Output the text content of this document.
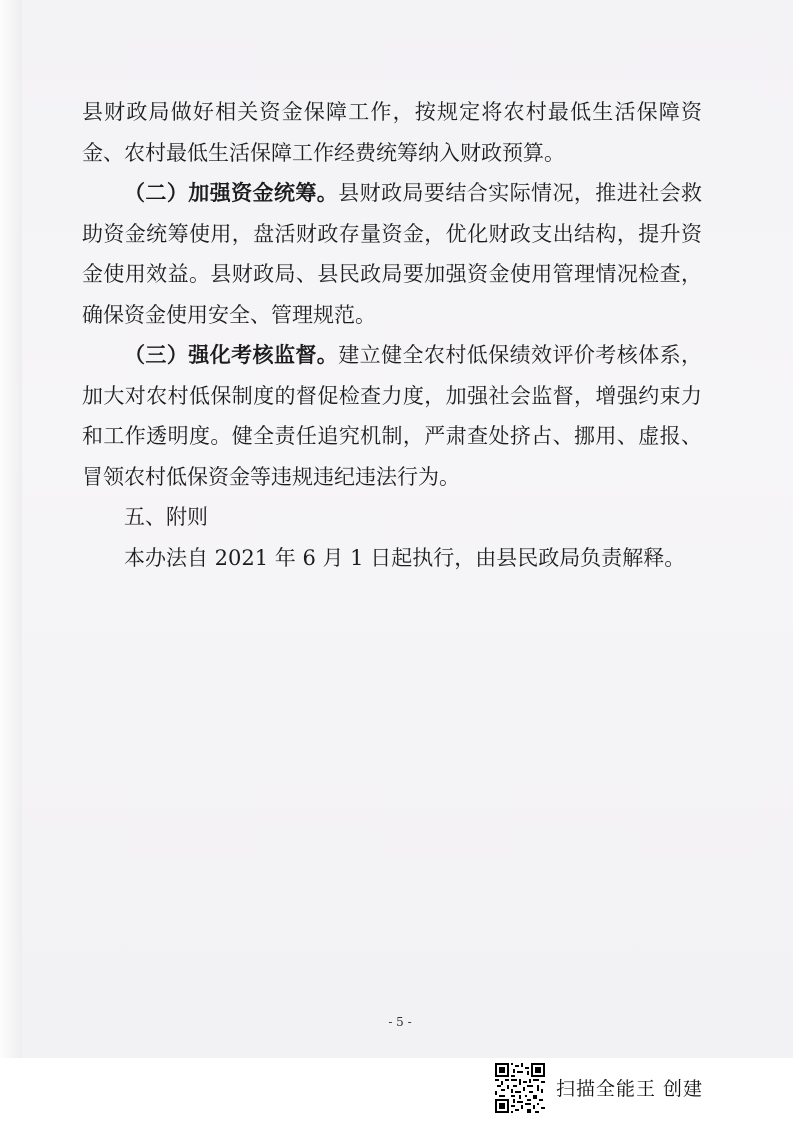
县财政局做好相关资金保障工作，按规定将农村最低生活保障资金、农村最低生活保障工作经费统筹纳入财政预算。

（二）加强资金统筹。县财政局要结合实际情况，推进社会救助资金统筹使用，盘活财政存量资金，优化财政支出结构，提升资金使用效益。县财政局、县民政局要加强资金使用管理情况检查，确保资金使用安全、管理规范。

（三）强化考核监督。建立健全农村低保绩效评价考核体系，加大对农村低保制度的督促检查力度，加强社会监督，增强约束力和工作透明度。健全责任追究机制，严肃查处挤占、挪用、虚报、冒领农村低保资金等违规违纪违法行为。

五、附则

本办法自 2021 年 6 月 1 日起执行，由县民政局负责解释。

- 5 -
扫描全能王 创建
